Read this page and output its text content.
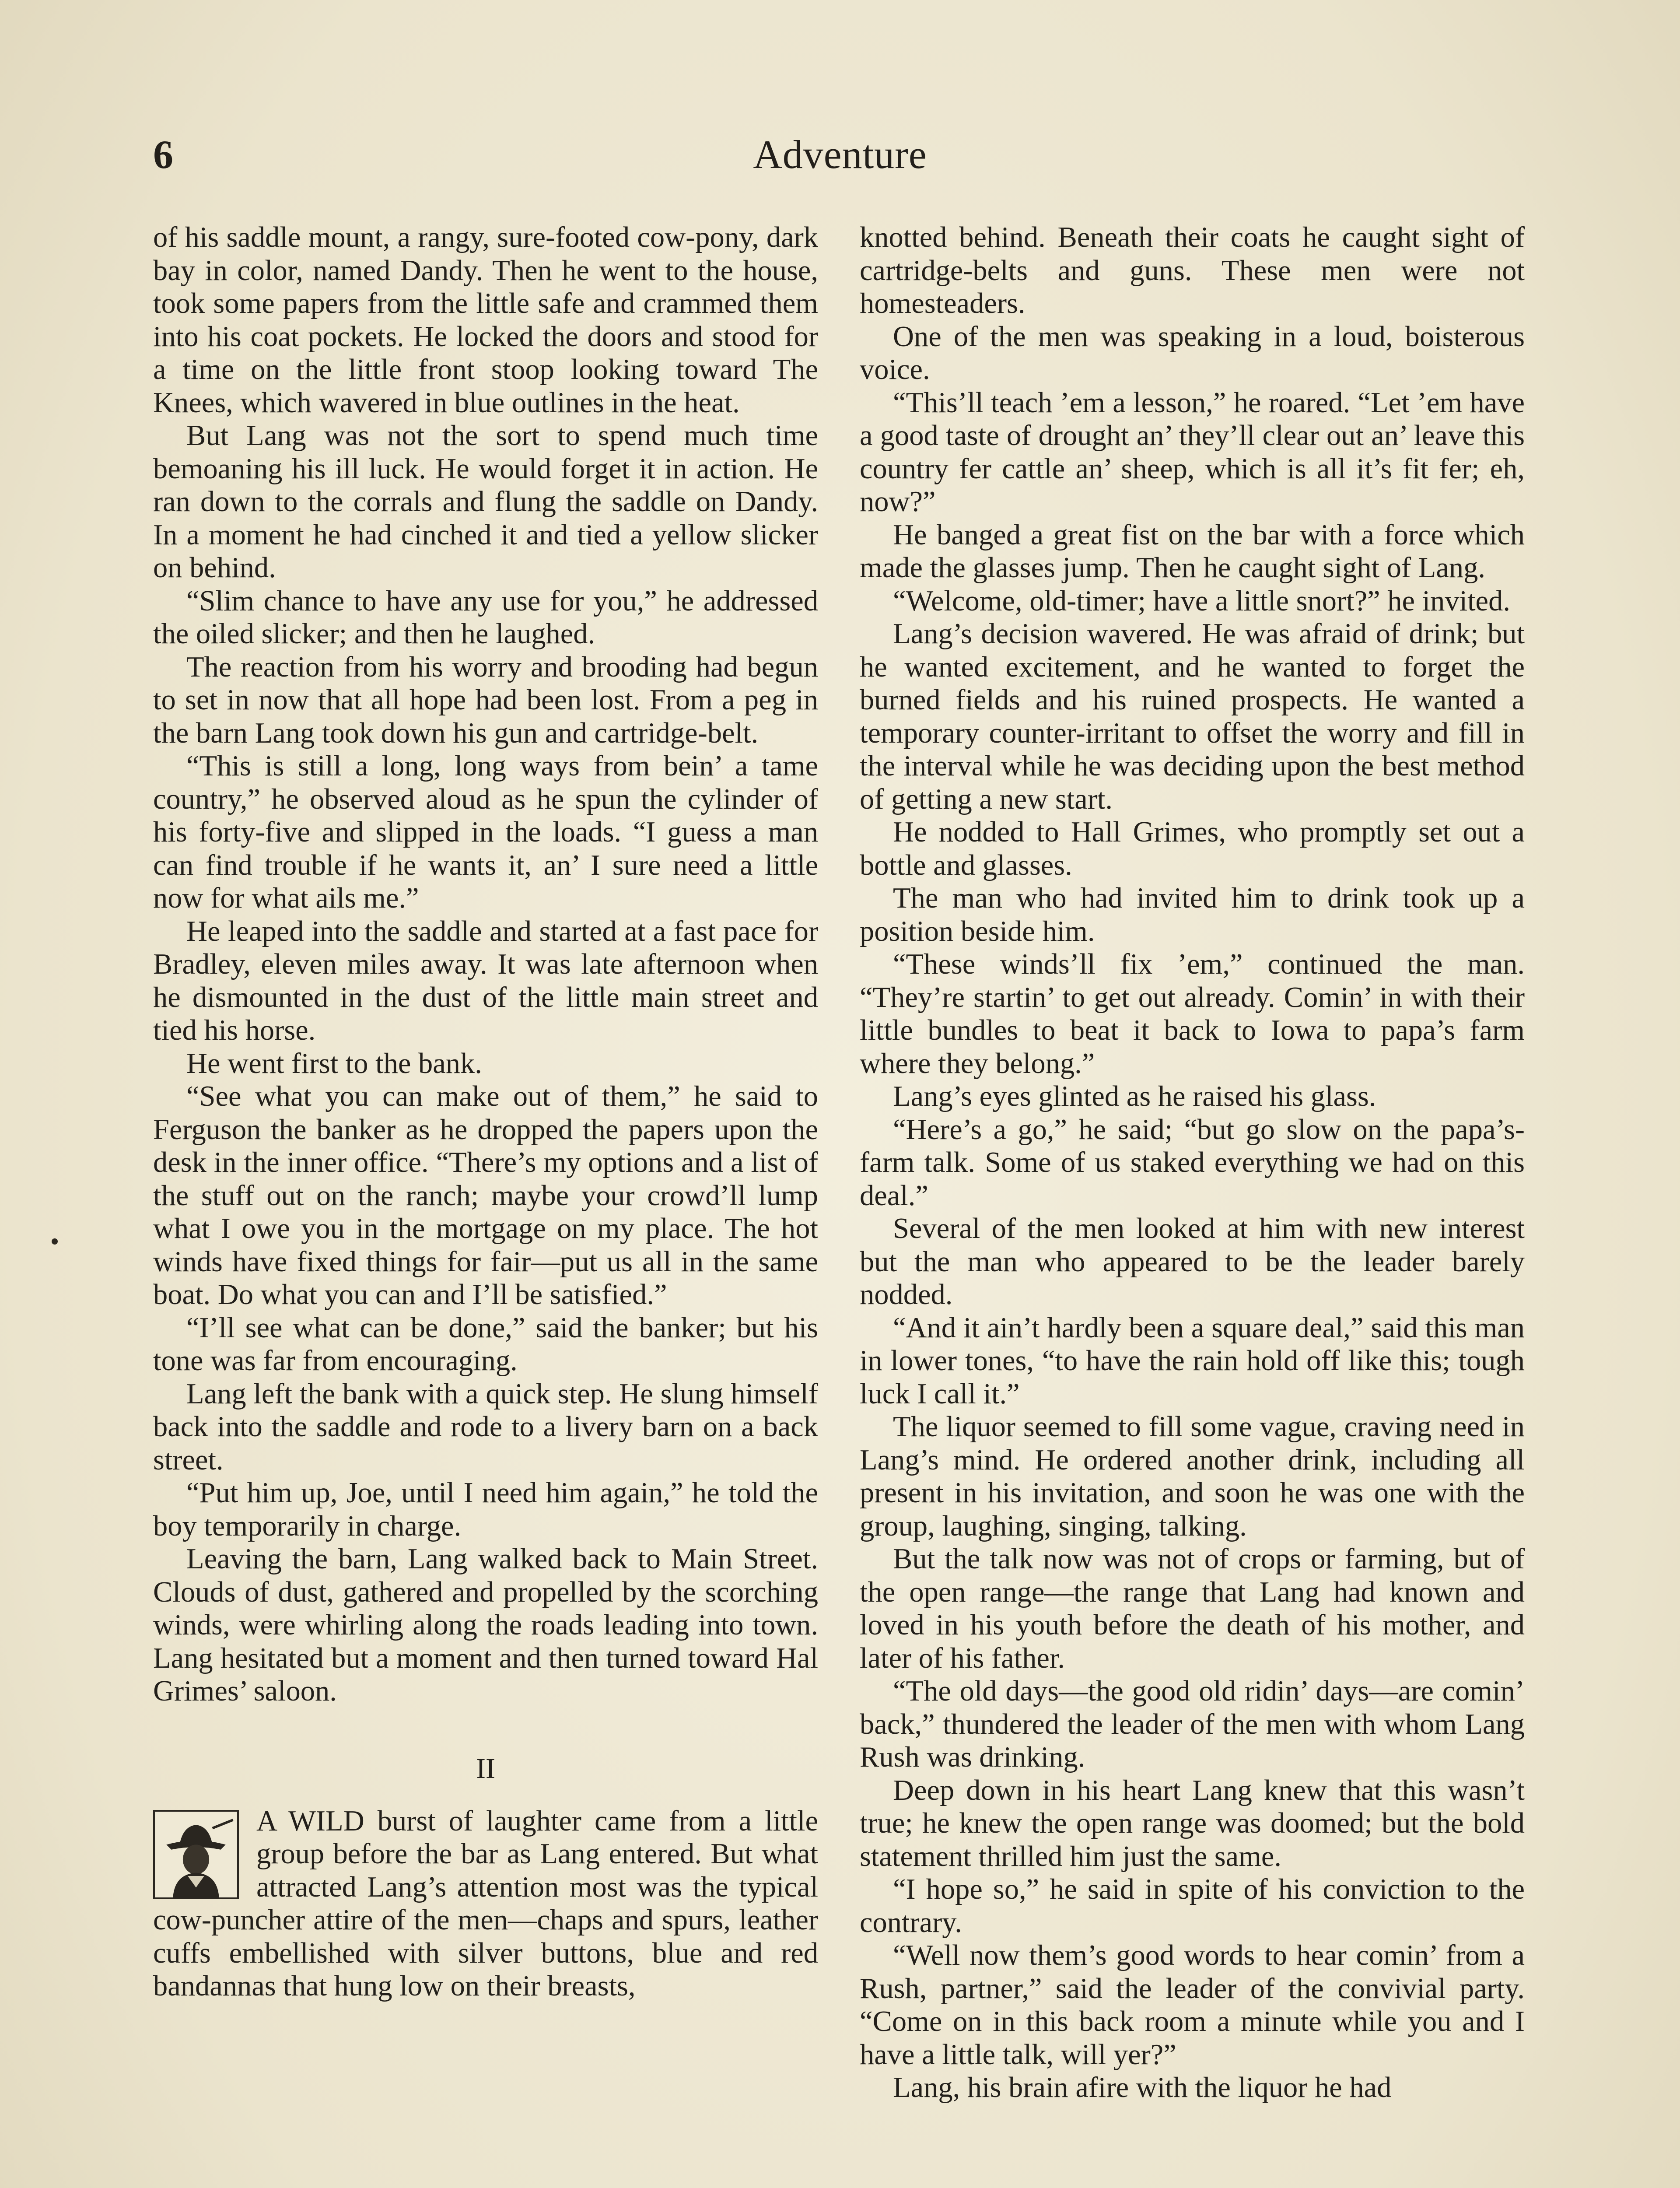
6	Adventure

of his saddle mount, a rangy, sure-footed cow-pony, dark bay in color, named Dandy. Then he went to the house, took some papers from the little safe and crammed them into his coat pockets. He locked the doors and stood for a time on the little front stoop looking toward The Knees, which wavered in blue outlines in the heat.

But Lang was not the sort to spend much time bemoaning his ill luck. He would forget it in action. He ran down to the corrals and flung the saddle on Dandy. In a moment he had cinched it and tied a yellow slicker on behind.

“Slim chance to have any use for you,” he addressed the oiled slicker; and then he laughed.

The reaction from his worry and brooding had begun to set in now that all hope had been lost. From a peg in the barn Lang took down his gun and cartridge-belt.

“This is still a long, long ways from bein’ a tame country,” he observed aloud as he spun the cylinder of his forty-five and slipped in the loads. “I guess a man can find trouble if he wants it, an’ I sure need a little now for what ails me.”

He leaped into the saddle and started at a fast pace for Bradley, eleven miles away. It was late afternoon when he dismounted in the dust of the little main street and tied his horse.

He went first to the bank.

“See what you can make out of them,” he said to Ferguson the banker as he dropped the papers upon the desk in the inner office. “There’s my options and a list of the stuff out on the ranch; maybe your crowd’ll lump what I owe you in the mortgage on my place. The hot winds have fixed things for fair—put us all in the same boat. Do what you can and I’ll be satisfied.”

“I’ll see what can be done,” said the banker; but his tone was far from encouraging.

Lang left the bank with a quick step. He slung himself back into the saddle and rode to a livery barn on a back street.

“Put him up, Joe, until I need him again,” he told the boy temporarily in charge.

Leaving the barn, Lang walked back to Main Street. Clouds of dust, gathered and propelled by the scorching winds, were whirling along the roads leading into town. Lang hesitated but a moment and then turned toward Hal Grimes’ saloon.

II

A WILD burst of laughter came from a little group before the bar as Lang entered. But what attracted Lang’s attention most was the typical cow-puncher attire of the men—chaps and spurs, leather cuffs embellished with silver buttons, blue and red bandannas that hung low on their breasts,

knotted behind. Beneath their coats he caught sight of cartridge-belts and guns. These men were not homesteaders.

One of the men was speaking in a loud, boisterous voice.

“This’ll teach ’em a lesson,” he roared. “Let ’em have a good taste of drought an’ they’ll clear out an’ leave this country fer cattle an’ sheep, which is all it’s fit fer; eh, now?”

He banged a great fist on the bar with a force which made the glasses jump. Then he caught sight of Lang.

“Welcome, old-timer; have a little snort?” he invited.

Lang’s decision wavered. He was afraid of drink; but he wanted excitement, and he wanted to forget the burned fields and his ruined prospects. He wanted a temporary counter-irritant to offset the worry and fill in the interval while he was deciding upon the best method of getting a new start.

He nodded to Hall Grimes, who promptly set out a bottle and glasses.

The man who had invited him to drink took up a position beside him.

“These winds’ll fix ’em,” continued the man. “They’re startin’ to get out already. Comin’ in with their little bundles to beat it back to Iowa to papa’s farm where they belong.”

Lang’s eyes glinted as he raised his glass.

“Here’s a go,” he said; “but go slow on the papa’s-farm talk. Some of us staked everything we had on this deal.”

Several of the men looked at him with new interest but the man who appeared to be the leader barely nodded.

“And it ain’t hardly been a square deal,” said this man in lower tones, “to have the rain hold off like this; tough luck I call it.”

The liquor seemed to fill some vague, craving need in Lang’s mind. He ordered another drink, including all present in his invitation, and soon he was one with the group, laughing, singing, talking.

But the talk now was not of crops or farming, but of the open range—the range that Lang had known and loved in his youth before the death of his mother, and later of his father.

“The old days—the good old ridin’ days—are comin’ back,” thundered the leader of the men with whom Lang Rush was drinking.

Deep down in his heart Lang knew that this wasn’t true; he knew the open range was doomed; but the bold statement thrilled him just the same.

“I hope so,” he said in spite of his conviction to the contrary.

“Well now them’s good words to hear comin’ from a Rush, partner,” said the leader of the convivial party. “Come on in this back room a minute while you and I have a little talk, will yer?”

Lang, his brain afire with the liquor he had
